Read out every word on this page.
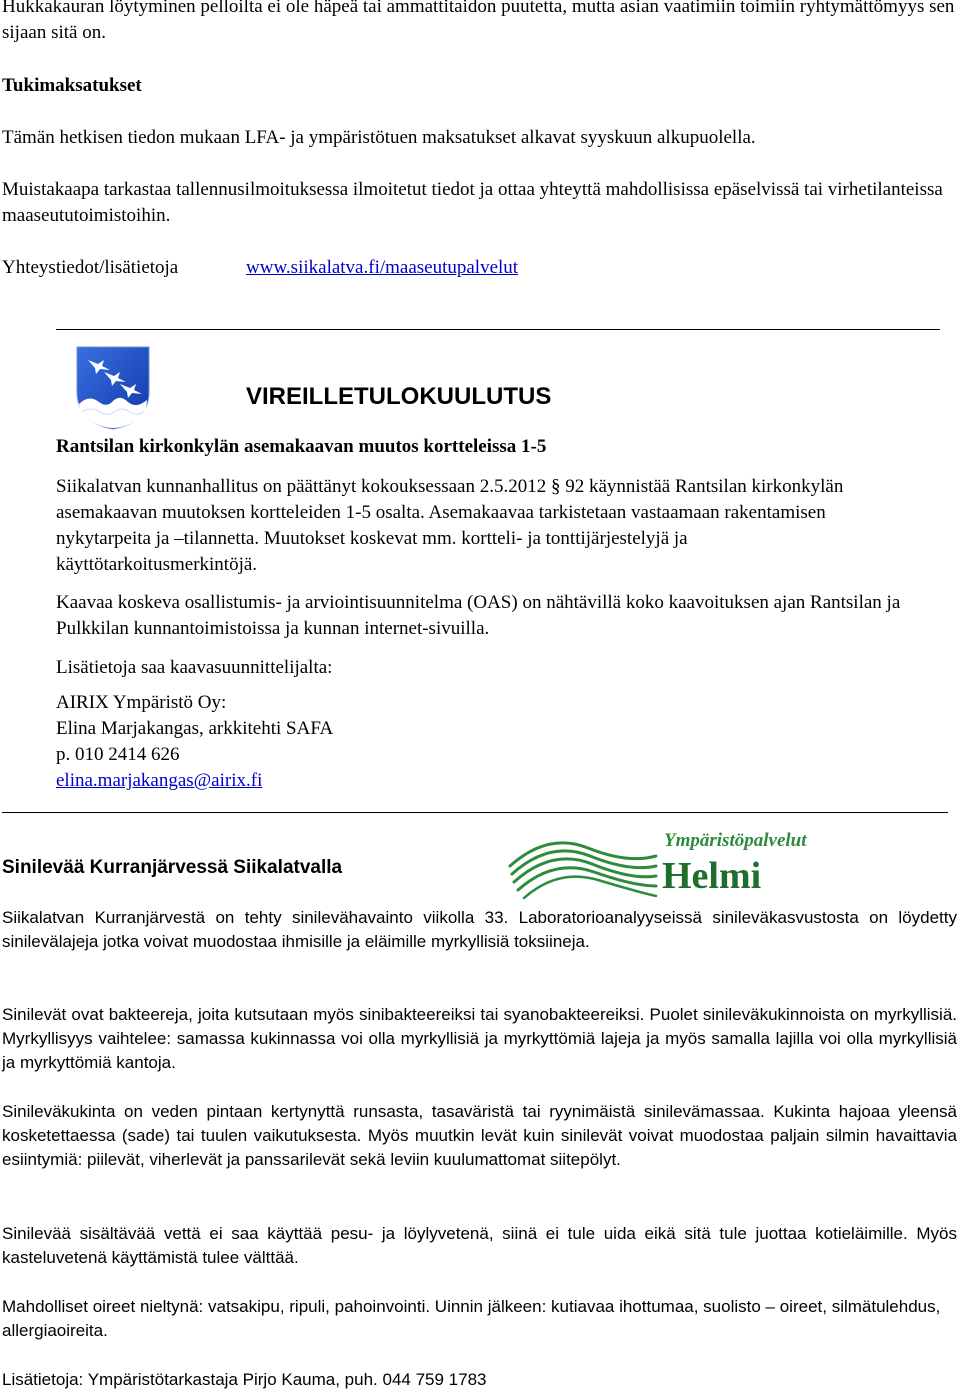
Hukkakauran löytyminen pelloilta ei ole häpeä tai ammattitaidon puutetta, mutta asian vaatimiin toimiin ryhtymättömyys sen sijaan sitä on.

Tukimaksatukset

Tämän hetkisen tiedon mukaan LFA- ja ympäristötuen maksatukset alkavat syyskuun alkupuolella.

Muistakaapa tarkastaa tallennusilmoituksessa ilmoitetut tiedot ja ottaa yhteyttä mahdollisissa epäselvissä tai virhetilanteissa maaseututoimistoihin.

Yhteystiedot/lisätietoja	www.siikalatva.fi/maaseutupalvelut

VIREILLETULOKUULUTUS

Rantsilan kirkonkylän asemakaavan muutos kortteleissa 1-5

Siikalatvan kunnanhallitus on päättänyt kokouksessaan 2.5.2012 § 92 käynnistää Rantsilan kirkonkylän asemakaavan muutoksen kortteleiden 1-5 osalta. Asemakaavaa tarkistetaan vastaamaan rakentamisen nykytarpeita ja –tilannetta. Muutokset koskevat mm. kortteli- ja tonttijärjestelyjä ja käyttötarkoitusmerkintöjä.

Kaavaa koskeva osallistumis- ja arviointisuunnitelma (OAS) on nähtävillä koko kaavoituksen ajan Rantsilan ja Pulkkilan kunnantoimistoissa ja kunnan internet-sivuilla.

Lisätietoja saa kaavasuunnittelijalta:

AIRIX Ympäristö Oy:

Elina Marjakangas, arkkitehti SAFA

p. 010 2414 626

elina.marjakangas@airix.fi

Sinilevää Kurranjärvessä Siikalatvalla

Ympäristöpalvelut
Helmi

Siikalatvan Kurranjärvestä on tehty sinilevähavainto viikolla 33. Laboratorioanalyyseissä sinileväkasvustosta on löydetty sinilevälajeja jotka voivat muodostaa ihmisille ja eläimille myrkyllisiä toksiineja.

Sinilevät ovat bakteereja, joita kutsutaan myös sinibakteereiksi tai syanobakteereiksi. Puolet sinileväkukinnoista on myrkyllisiä. Myrkyllisyys vaihtelee: samassa kukinnassa voi olla myrkyllisiä ja myrkyttömiä lajeja ja myös samalla lajilla voi olla myrkyllisiä ja myrkyttömiä kantoja.

Sinileväkukinta on veden pintaan kertynyttä runsasta, tasaväristä tai ryynimäistä sinilevämassaa. Kukinta hajoaa yleensä kosketettaessa (sade) tai tuulen vaikutuksesta. Myös muutkin levät kuin sinilevät voivat muodostaa paljain silmin havaittavia esiintymiä: piilevät, viherlevät ja panssarilevät sekä leviin kuulumattomat siitepölyt.

Sinilevää sisältävää vettä ei saa käyttää pesu- ja löylyvetenä, siinä ei tule uida eikä sitä tule juottaa kotieläimille. Myös kasteluvetenä käyttämistä tulee välttää.

Mahdolliset oireet nieltynä: vatsakipu, ripuli, pahoinvointi. Uinnin jälkeen: kutiavaa ihottumaa, suolisto – oireet, silmätulehdus, allergiaoireita.

Lisätietoja: Ympäristötarkastaja Pirjo Kauma, puh. 044 759 1783
